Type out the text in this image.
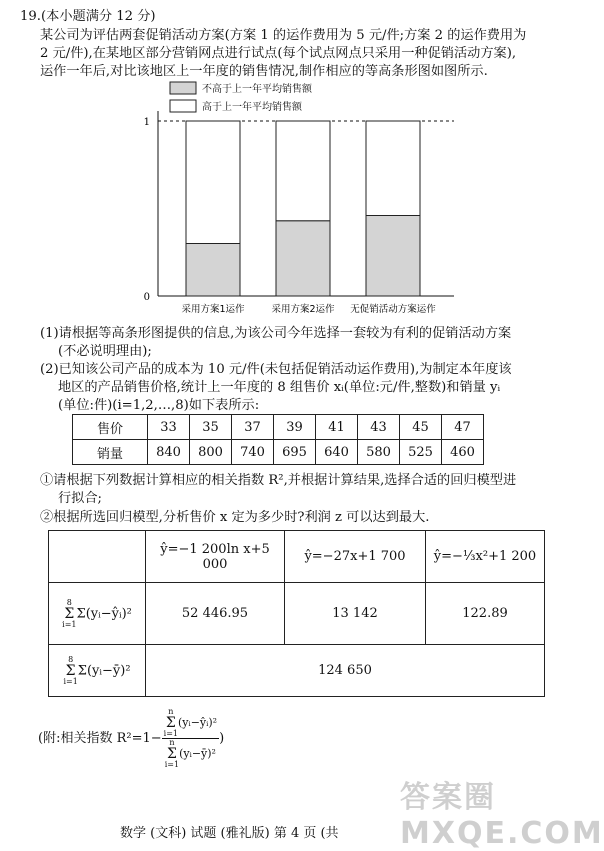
19.(本小题满分 12 分)
某公司为评估两套促销活动方案(方案 1 的运作费用为 5 元/件;方案 2 的运作费用为
2 元/件),在某地区部分营销网点进行试点(每个试点网点只采用一种促销活动方案),
运作一年后,对比该地区上一年度的销售情况,制作相应的等高条形图如图所示.
不高于上一年平均销售额
高于上一年平均销售额
0
1
采用方案1运作	采用方案2运作 无促销活动方案运作
(1)请根据等高条形图提供的信息,为该公司今年选择一套较为有利的促销活动方案
(不必说明理由);
(2)已知该公司产品的成本为 10 元/件(未包括促销活动运作费用),为制定本年度该
地区的产品销售价格,统计上一年度的 8 组售价 xᵢ(单位:元/件,整数)和销量 yᵢ
(单位:件)(i=1,2,…,8)如下表所示:
售价	33	35	37	39	41	43	45	47
销量	840	800	740	695	640	580	525	460
①请根据下列数据计算相应的相关指数 R²,并根据计算结果,选择合适的回归模型进
行拟合;
②根据所选回归模型,分析售价 x 定为多少时?利润 z 可以达到最大.
	ŷ=−1 200ln x+5 000	ŷ=−27x+1 700	ŷ=−⅓x²+1 200
8
Σ
i=1Σ(yᵢ−ŷᵢ)²	52 446.95	13 142	122.89
8
Σ
i=1Σ(yᵢ−ȳ)²	124 650		
(附:相关指数 R²=1− n
Σ
i=1(yᵢ−ŷᵢ)²
n
Σ
i=1(yᵢ−ȳ)² )
答案圈 MXQE.COM
数学 (文科) 试题 (雅礼版) 第 4 页 (共
